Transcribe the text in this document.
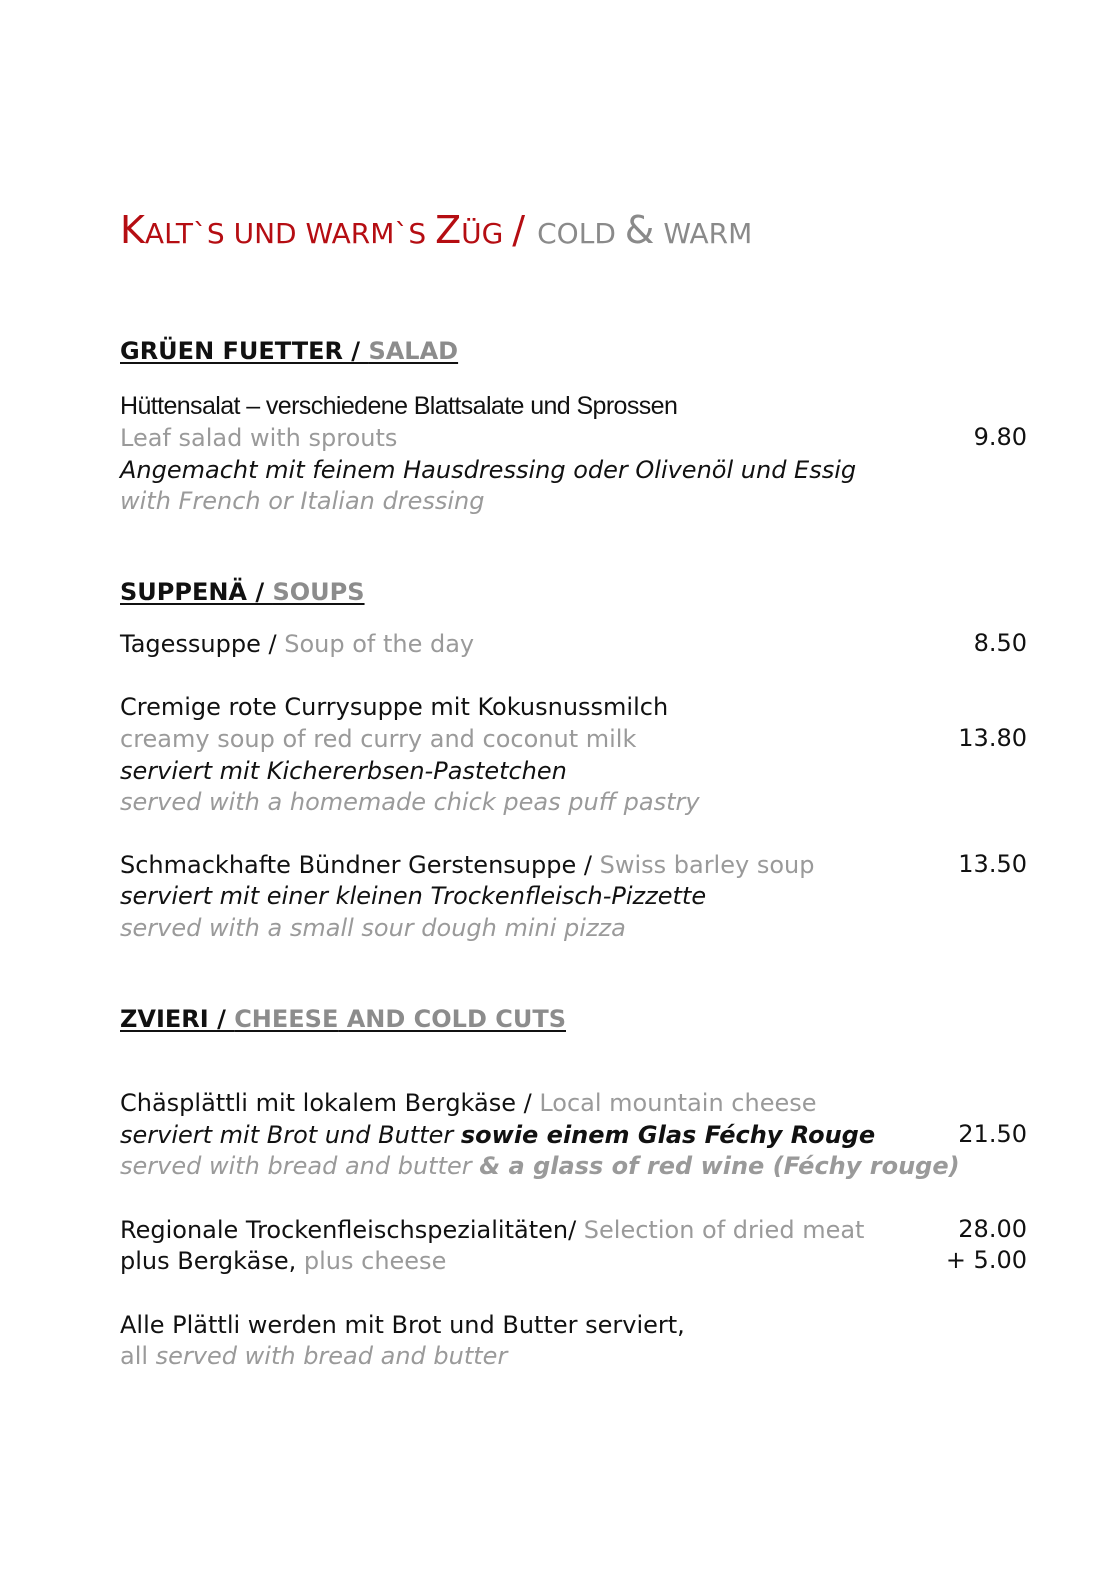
KALT`S UND WARM`S ZÜG / COLD & WARM
GRÜEN FUETTER / SALAD
Hüttensalat – verschiedene Blattsalate und Sprossen
Leaf salad with sprouts	9.80
Angemacht mit feinem Hausdressing oder Olivenöl und Essig
with French or Italian dressing
SUPPENÄ / SOUPS
Tagessuppe / Soup of the day	8.50
Cremige rote Currysuppe mit Kokusnussmilch
creamy soup of red curry and coconut milk	13.80
serviert mit Kichererbsen-Pastetchen
served with a homemade chick peas puff pastry
Schmackhafte Bündner Gerstensuppe / Swiss barley soup	13.50
serviert mit einer kleinen Trockenfleisch-Pizzette
served with a small sour dough mini pizza
ZVIERI / CHEESE AND COLD CUTS
Chäsplättli mit lokalem Bergkäse / Local mountain cheese
serviert mit Brot und Butter sowie einem Glas Féchy Rouge	21.50
served with bread and butter & a glass of red wine (Féchy rouge)
Regionale Trockenfleischspezialitäten/ Selection of dried meat	28.00
plus Bergkäse, plus cheese	+ 5.00
Alle Plättli werden mit Brot und Butter serviert,
all served with bread and butter
